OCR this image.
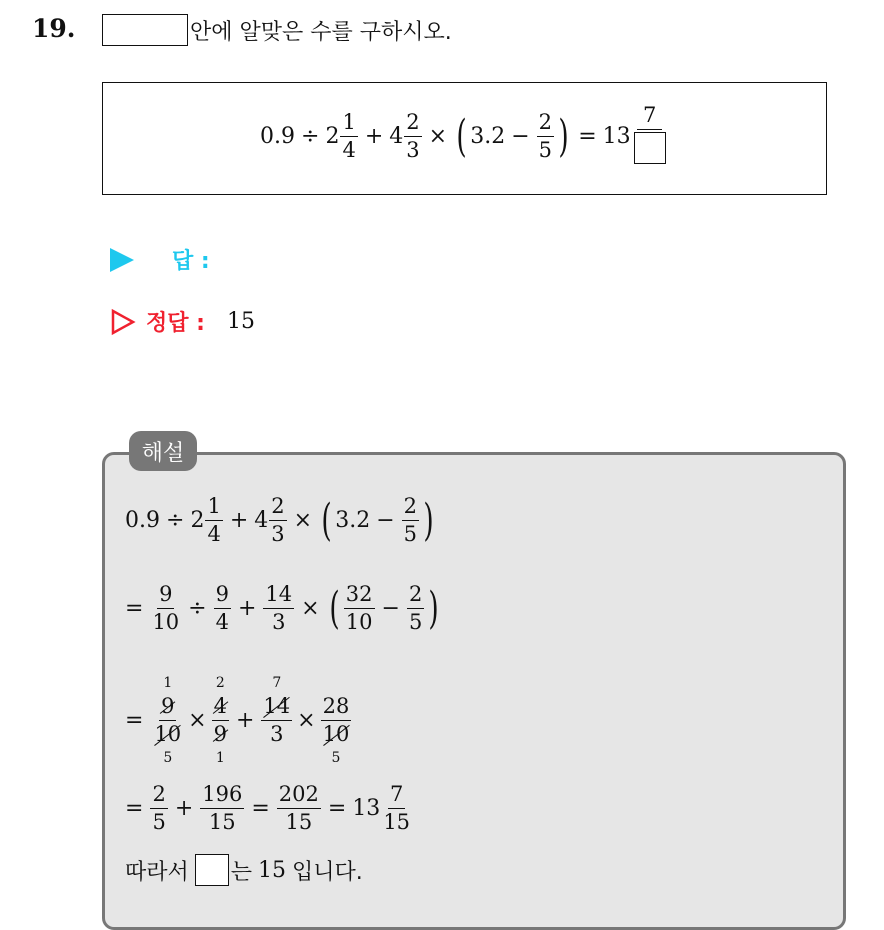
19.	안에 알맞은 수를 구하시오.
$0.9 \div 2 \frac{1}{4} + 4 \frac{2}{3}$ × ( $3.2 - \frac{2}{5}$ ) = 13
7
답 :
정답 : 15
해설
$0.9 \div 2 \frac{1}{4} + 4 \frac{2}{3}$ × ( $3.2 - \frac{2}{5}$ )
= $\frac{9}{10} \div \frac{9}{4} + \frac{14}{3}$ × ( $\frac{32}{10} - \frac{2}{5}$ )
=
1
9
10
5
×
2
4
9
1
+
7
14
3
×
28
10
5
= $\frac{2}{5} + \frac{196}{15} = \frac{202}{15} = 13 \frac{7}{15}$
따라서 는 15 입니다.
